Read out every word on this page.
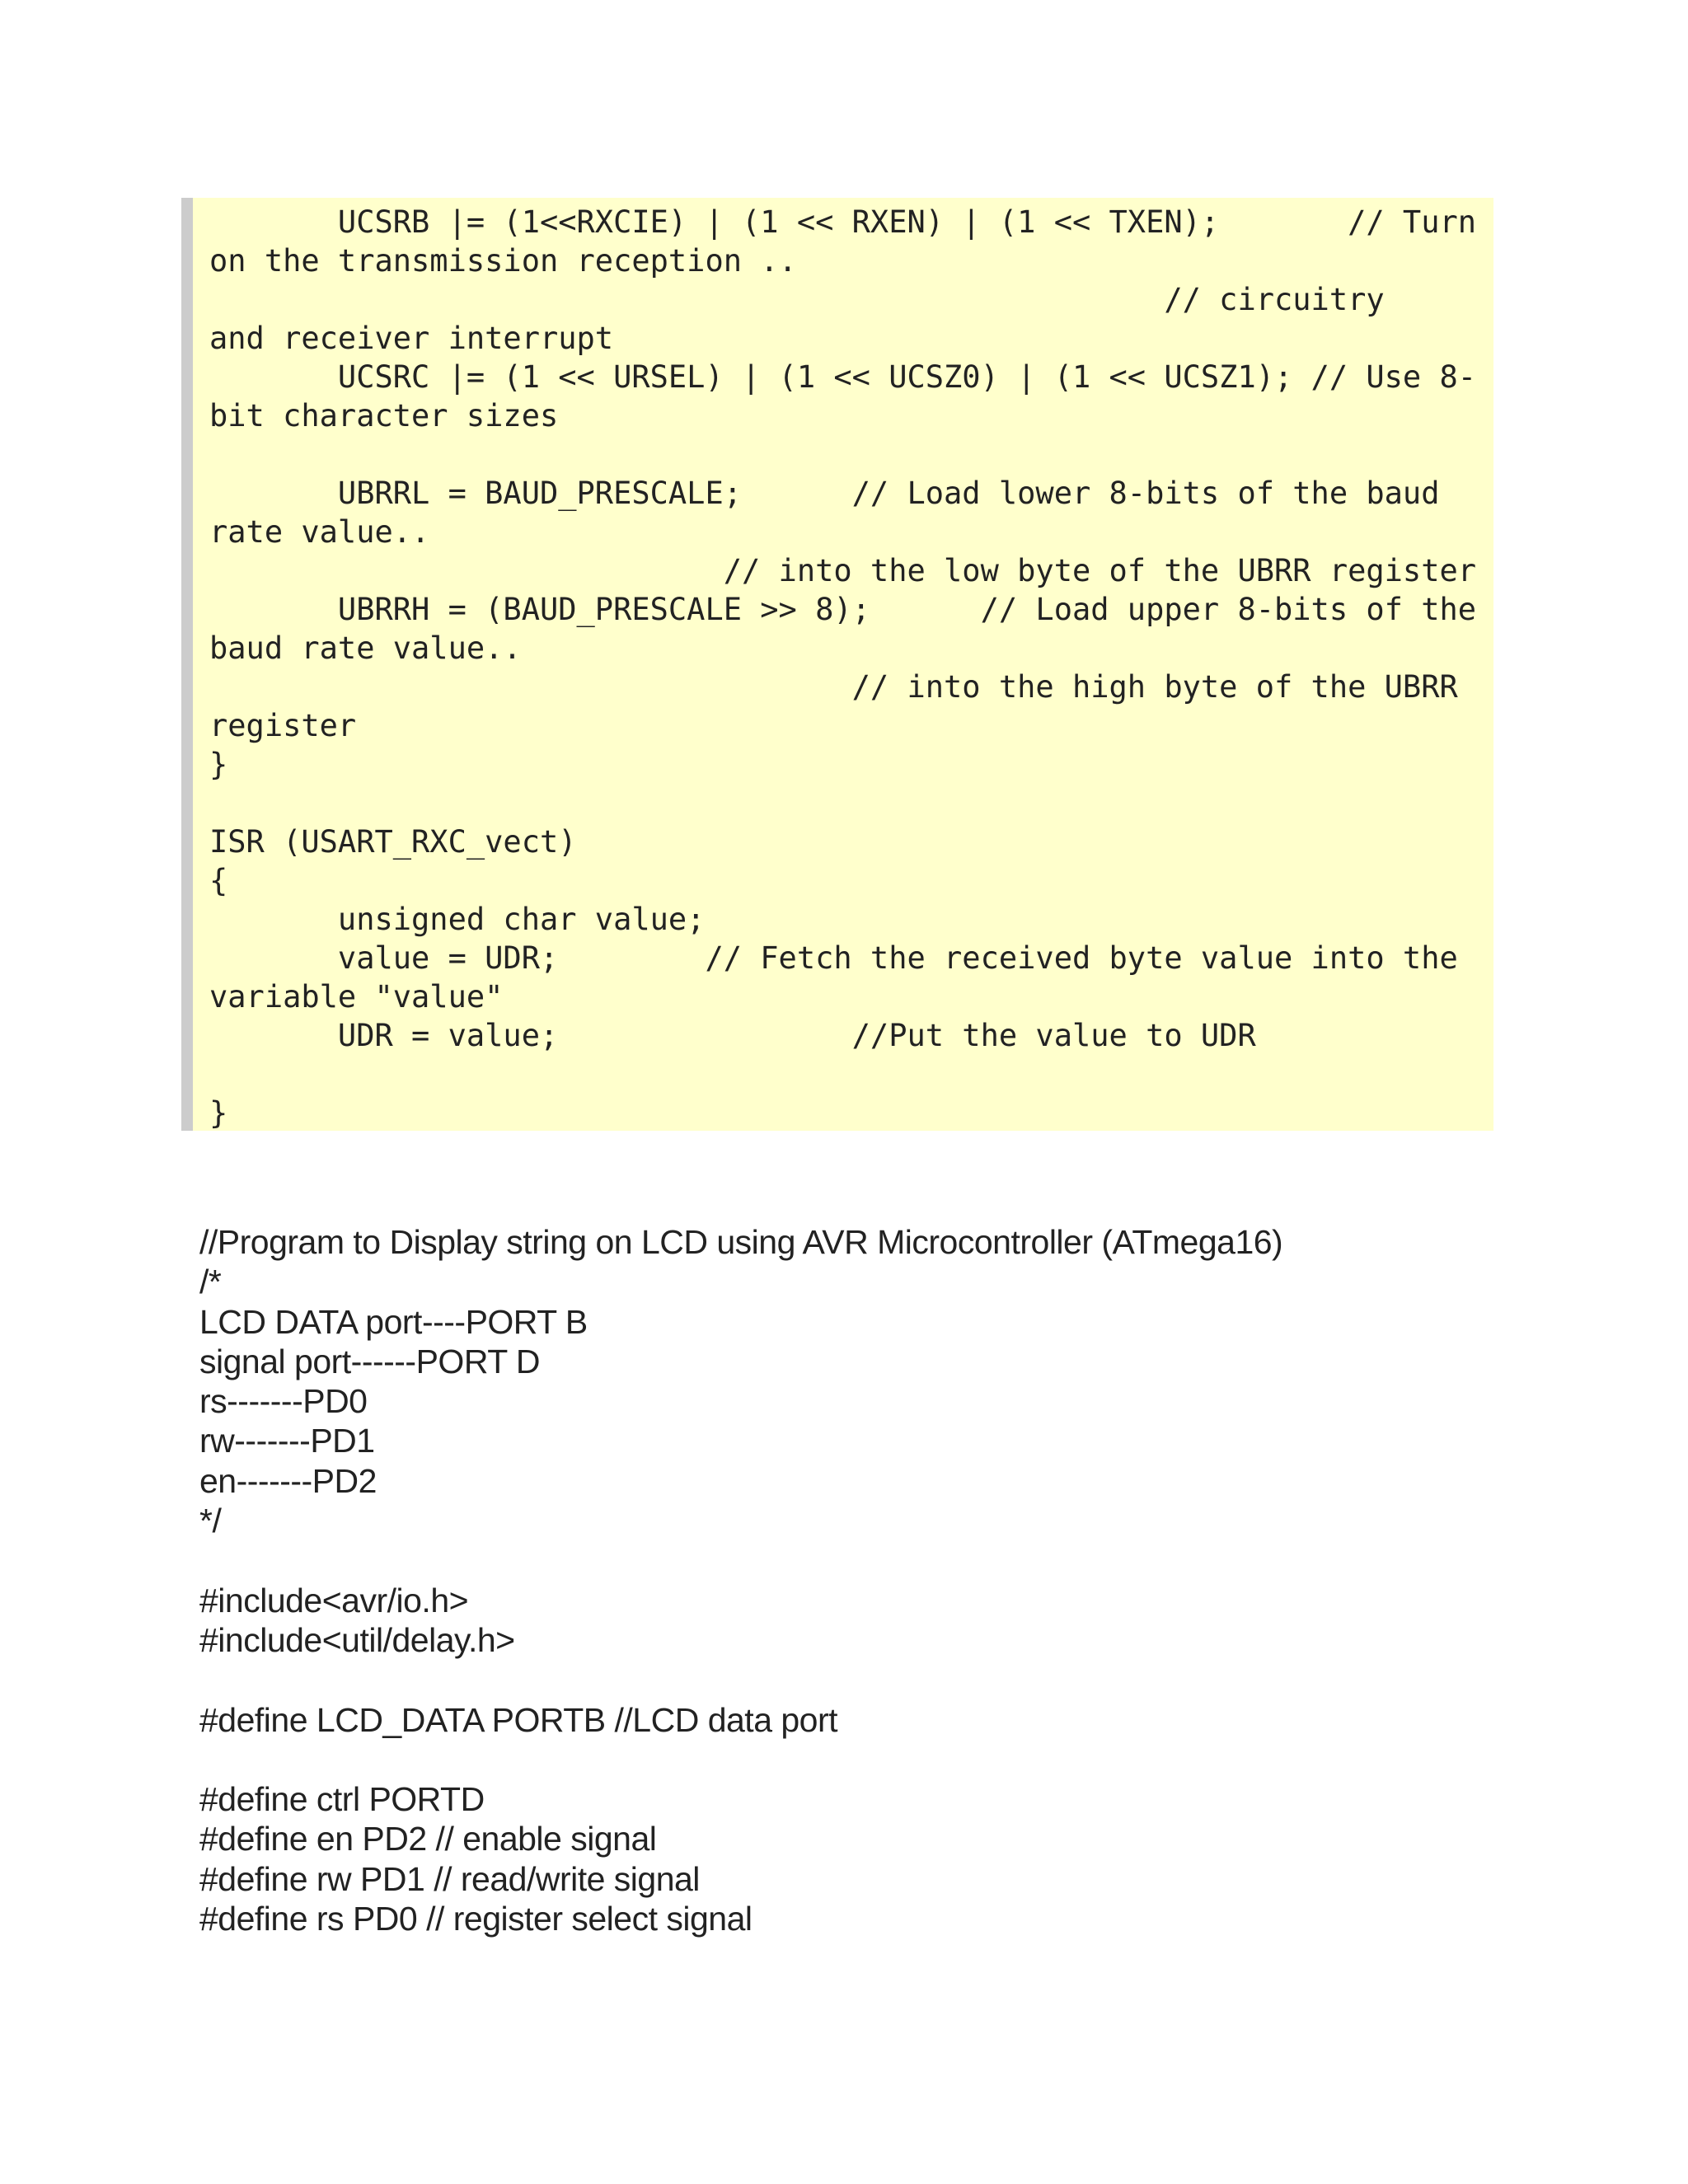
UCSRB |= (1<<RXCIE) | (1 << RXEN) | (1 << TXEN);       // Turn
on the transmission reception ..
// circuitry
and receiver interrupt
UCSRC |= (1 << URSEL) | (1 << UCSZ0) | (1 << UCSZ1); // Use 8-
bit character sizes

UBRRL = BAUD_PRESCALE;      // Load lower 8-bits of the baud
rate value..
// into the low byte of the UBRR register
UBRRH = (BAUD_PRESCALE >> 8);      // Load upper 8-bits of the
baud rate value..
// into the high byte of the UBRR
register
}

ISR (USART_RXC_vect)
{
unsigned char value;
value = UDR;        // Fetch the received byte value into the
variable "value"
UDR = value;                //Put the value to UDR

}
//Program to Display string on LCD using AVR Microcontroller (ATmega16)
/*
LCD DATA port----PORT B
signal port------PORT D
rs-------PD0
rw-------PD1
en-------PD2
*/
#include<avr/io.h>
#include<util/delay.h>
#define LCD_DATA PORTB //LCD data port
#define ctrl PORTD
#define en PD2 // enable signal
#define rw PD1 // read/write signal
#define rs PD0 // register select signal
